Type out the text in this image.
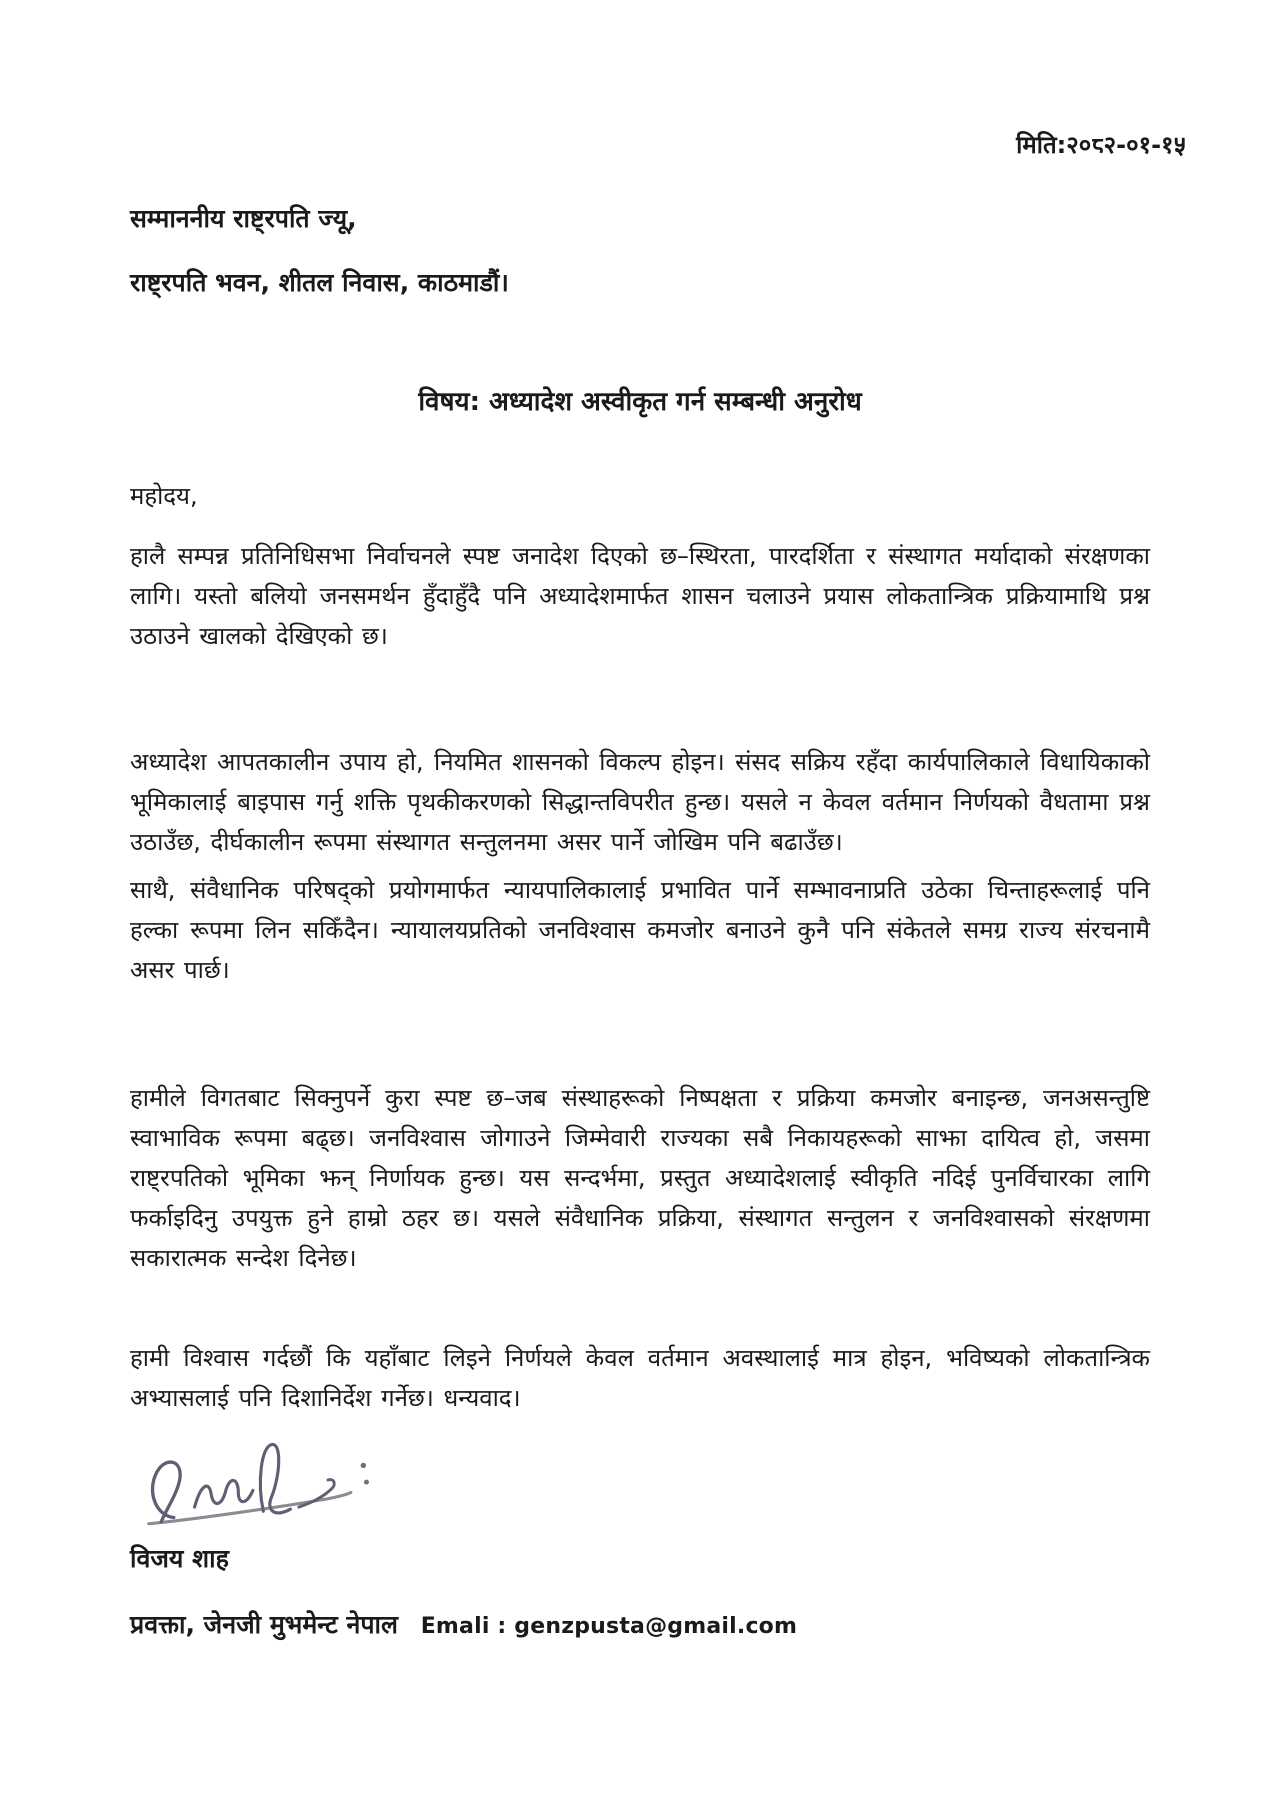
मिति:२०८२-०१-१५
सम्माननीय राष्ट्रपति ज्यू,
राष्ट्रपति भवन, शीतल निवास, काठमाडौं।
विषय: अध्यादेश अस्वीकृत गर्न सम्बन्धी अनुरोध
महोदय,
हालै सम्पन्न प्रतिनिधिसभा निर्वाचनले स्पष्ट जनादेश दिएको छ–स्थिरता, पारदर्शिता र संस्थागत मर्यादाको संरक्षणका लागि। यस्तो बलियो जनसमर्थन हुँदाहुँदै पनि अध्यादेशमार्फत शासन चलाउने प्रयास लोकतान्त्रिक प्रक्रियामाथि प्रश्न उठाउने खालको देखिएको छ।
अध्यादेश आपतकालीन उपाय हो, नियमित शासनको विकल्प होइन। संसद सक्रिय रहँदा कार्यपालिकाले विधायिकाको भूमिकालाई बाइपास गर्नु शक्ति पृथकीकरणको सिद्धान्तविपरीत हुन्छ। यसले न केवल वर्तमान निर्णयको वैधतामा प्रश्न उठाउँछ, दीर्घकालीन रूपमा संस्थागत सन्तुलनमा असर पार्ने जोखिम पनि बढाउँछ।
साथै, संवैधानिक परिषद्को प्रयोगमार्फत न्यायपालिकालाई प्रभावित पार्ने सम्भावनाप्रति उठेका चिन्ताहरूलाई पनि हल्का रूपमा लिन सकिँदैन। न्यायालयप्रतिको जनविश्वास कमजोर बनाउने कुनै पनि संकेतले समग्र राज्य संरचनामै असर पार्छ।
हामीले विगतबाट सिक्नुपर्ने कुरा स्पष्ट छ–जब संस्थाहरूको निष्पक्षता र प्रक्रिया कमजोर बनाइन्छ, जनअसन्तुष्टि स्वाभाविक रूपमा बढ्छ। जनविश्वास जोगाउने जिम्मेवारी राज्यका सबै निकायहरूको साझा दायित्व हो, जसमा राष्ट्रपतिको भूमिका झन् निर्णायक हुन्छ। यस सन्दर्भमा, प्रस्तुत अध्यादेशलाई स्वीकृति नदिई पुनर्विचारका लागि फर्काइदिनु उपयुक्त हुने हाम्रो ठहर छ। यसले संवैधानिक प्रक्रिया, संस्थागत सन्तुलन र जनविश्वासको संरक्षणमा सकारात्मक सन्देश दिनेछ।
हामी विश्वास गर्दछौं कि यहाँबाट लिइने निर्णयले केवल वर्तमान अवस्थालाई मात्र होइन, भविष्यको लोकतान्त्रिक अभ्यासलाई पनि दिशानिर्देश गर्नेछ। धन्यवाद।
विजय शाह
प्रवक्ता, जेनजी मुभमेन्ट नेपाल Emali : genzpusta@gmail.com
